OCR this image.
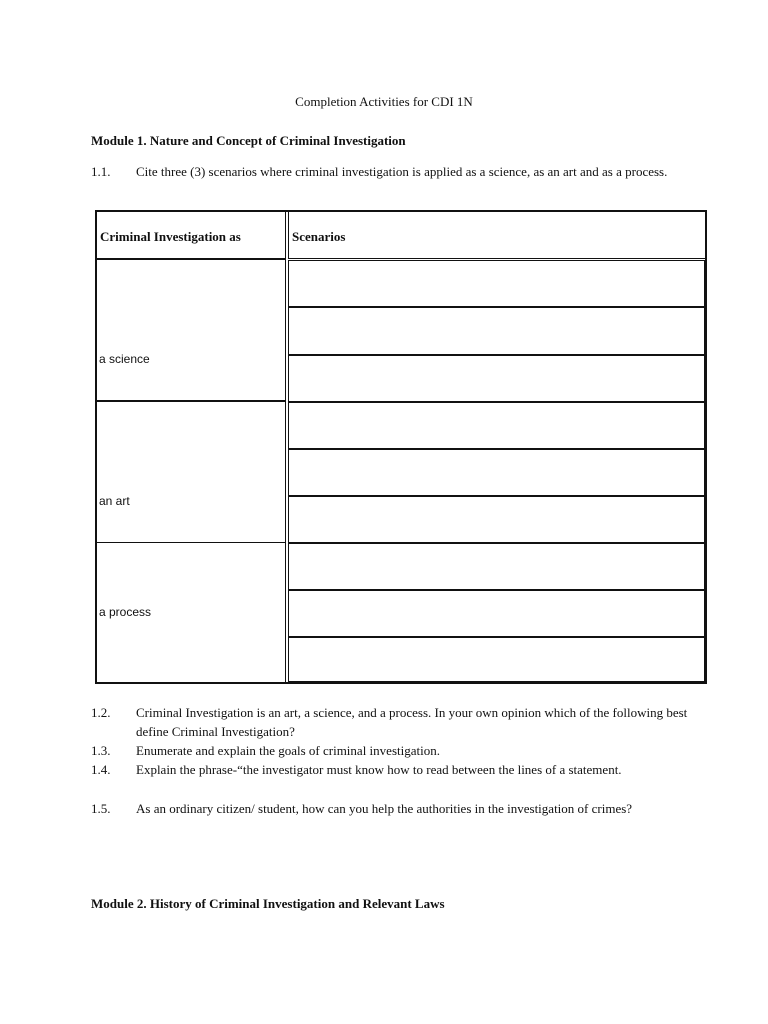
Completion Activities for CDI 1N
Module 1. Nature and Concept of Criminal Investigation
1.1. Cite three (3) scenarios where criminal investigation is applied as a science, as an art and as a process.
Criminal Investigation as	Scenarios
a science
an art
a process
1.2. Criminal Investigation is an art, a science, and a process. In your own opinion which of the following best define Criminal Investigation?
1.3. Enumerate and explain the goals of criminal investigation.
1.4. Explain the phrase-“the investigator must know how to read between the lines of a statement.
1.5. As an ordinary citizen/ student, how can you help the authorities in the investigation of crimes?
Module 2. History of Criminal Investigation and Relevant Laws
